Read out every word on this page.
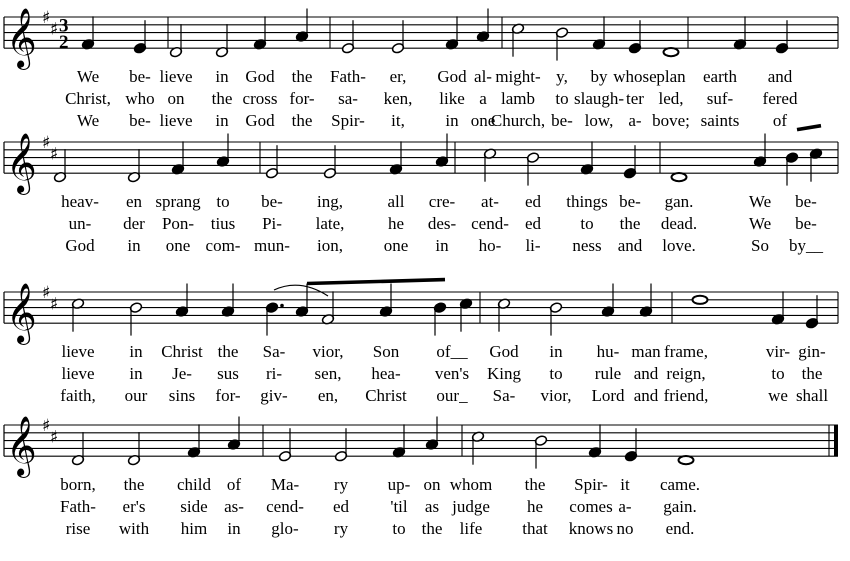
𝄞 ♯
♯ 3
2
𝄞 ♯
♯
𝄞 ♯
♯
𝄞 ♯
♯
We be- lieve in God the Fath- er, God al- might- y, by whose plan earth and
Christ, who on the cross for- sa- ken, like a lamb to slaugh- ter led, suf- fered
We be- lieve in God the Spir- it, in one
Church, be- low, a- bove; saints of
heav- en sprang to be- ing,	all cre- at- ed things be- gan.	We be-
un- der Pon- tius Pi- late,	he des- cend- ed to the dead.	We be-
God in one com- mun- ion, one in ho- li- ness and love.	So by__
lieve in Christ the Sa- vior, Son of__ God in hu- man frame,	vir- gin-
lieve in Je- sus ri- sen, hea- ven's King to rule and reign,	to the
faith, our sins for- giv- en, Christ our_ Sa- vior, Lord and friend,	we shall
born, the child of Ma- ry up- on whom the Spir- it came.
Fath- er's side as- cend- ed 'til as judge he comes a- gain.
rise with him in glo- ry	to the life that knows no end.
